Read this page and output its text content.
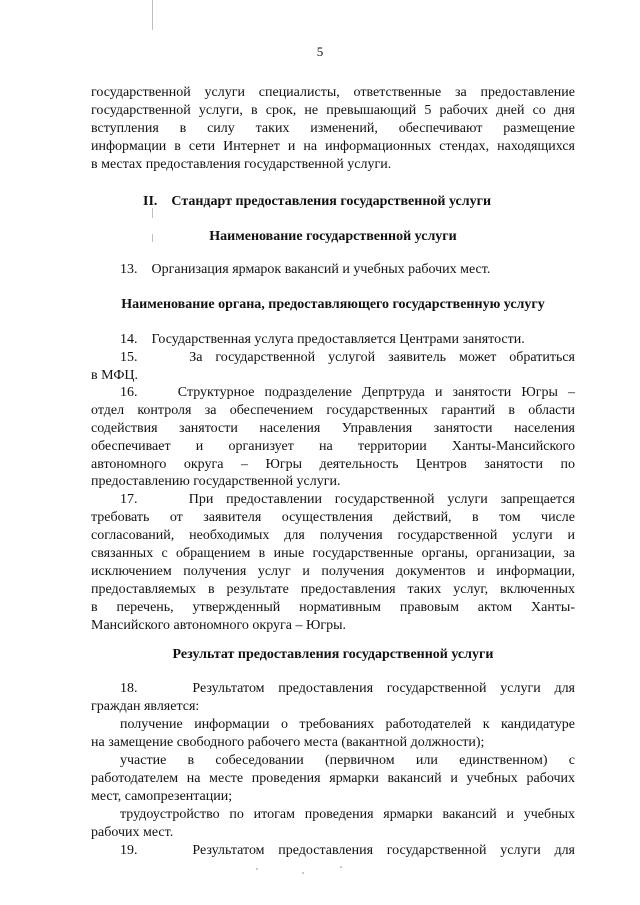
5
государственной услуги специалисты, ответственные за предоставление
государственной услуги, в срок, не превышающий 5 рабочих дней со дня
вступления в силу таких изменений, обеспечивают размещение
информации в сети Интернет и на информационных стендах, находящихся
в местах предоставления государственной услуги.
II.    Стандарт предоставления государственной услуги
Наименование государственной услуги
13.    Организация ярмарок вакансий и учебных рабочих мест.
Наименование органа, предоставляющего государственную услугу
14.    Государственная услуга предоставляется Центрами занятости.
15.    За государственной услугой заявитель может обратиться
в МФЦ.
16.    Структурное подразделение Депртруда и занятости Югры –
отдел контроля за обеспечением государственных гарантий в области
содействия занятости населения Управления занятости населения
обеспечивает и организует на территории Ханты-Мансийского
автономного округа – Югры деятельность Центров занятости по
предоставлению государственной услуги.
17.    При предоставлении государственной услуги запрещается
требовать от заявителя осуществления действий, в том числе
согласований, необходимых для получения государственной услуги и
связанных с обращением в иные государственные органы, организации, за
исключением получения услуг и получения документов и информации,
предоставляемых в результате предоставления таких услуг, включенных
в перечень, утвержденный нормативным правовым актом Ханты-
Мансийского автономного округа – Югры.
Результат предоставления государственной услуги
18.    Результатом предоставления государственной услуги для
граждан является:
получение информации о требованиях работодателей к кандидатуре
на замещение свободного рабочего места (вакантной должности);
участие в собеседовании (первичном или единственном) с
работодателем на месте проведения ярмарки вакансий и учебных рабочих
мест, самопрезентации;
трудоустройство по итогам проведения ярмарки вакансий и учебных
рабочих мест.
19.    Результатом предоставления государственной услуги для
